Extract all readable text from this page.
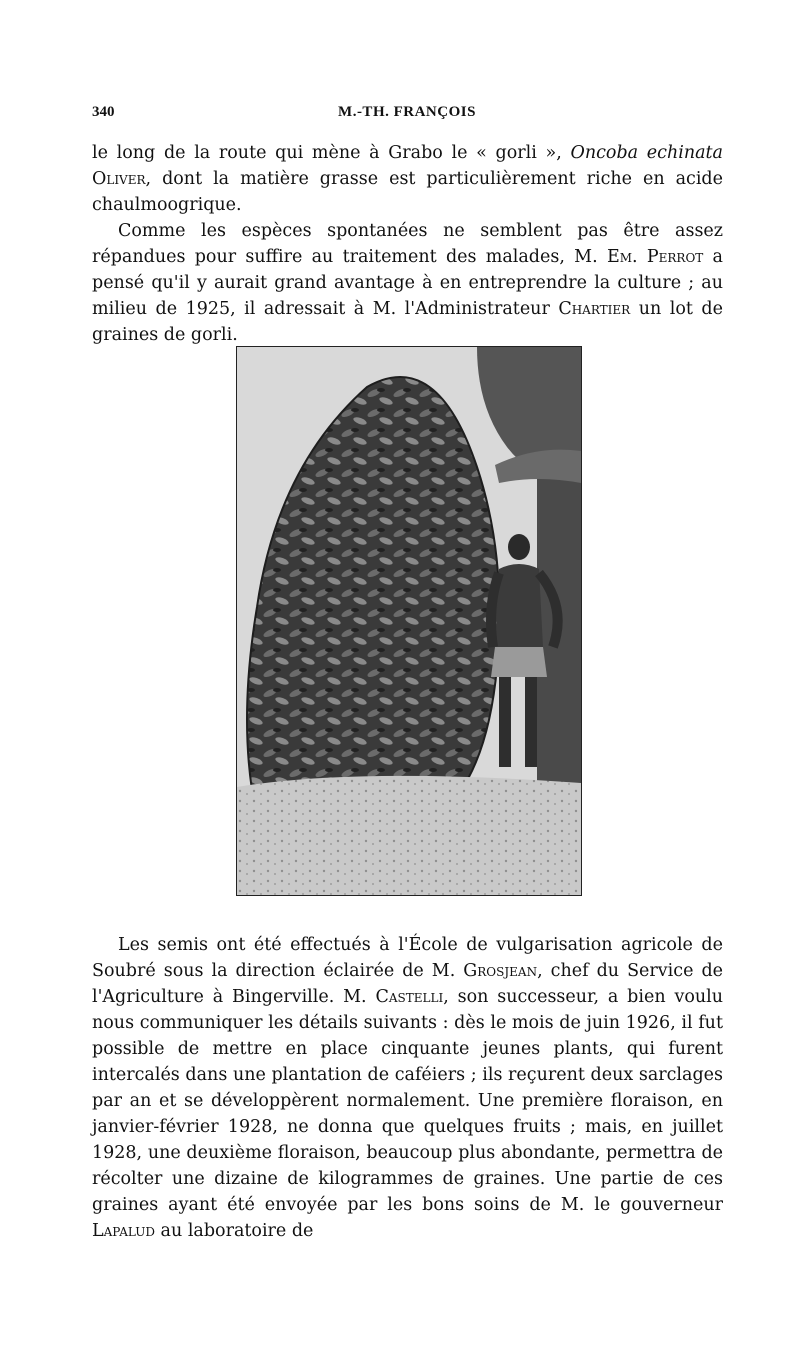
340	M.-TH. FRANÇOIS

le long de la route qui mène à Grabo le « gorli », Oncoba echinata Oliver, dont la matière grasse est particulièrement riche en acide chaulmoogrique.

Comme les espèces spontanées ne semblent pas être assez répandues pour suffire au traitement des malades, M. Em. Perrot a pensé qu'il y aurait grand avantage à en entreprendre la culture ; au milieu de 1925, il adressait à M. l'Administrateur Chartier un lot de graines de gorli.

Les semis ont été effectués à l'École de vulgarisation agricole de Soubré sous la direction éclairée de M. Grosjean, chef du Service de l'Agriculture à Bingerville. M. Castelli, son successeur, a bien voulu nous communiquer les détails suivants : dès le mois de juin 1926, il fut possible de mettre en place cinquante jeunes plants, qui furent intercalés dans une plantation de caféiers ; ils reçurent deux sarclages par an et se développèrent normalement. Une première floraison, en janvier-février 1928, ne donna que quelques fruits ; mais, en juillet 1928, une deuxième floraison, beaucoup plus abondante, permettra de récolter une dizaine de kilogrammes de graines. Une partie de ces graines ayant été envoyée par les bons soins de M. le gouverneur Lapalud au laboratoire de
